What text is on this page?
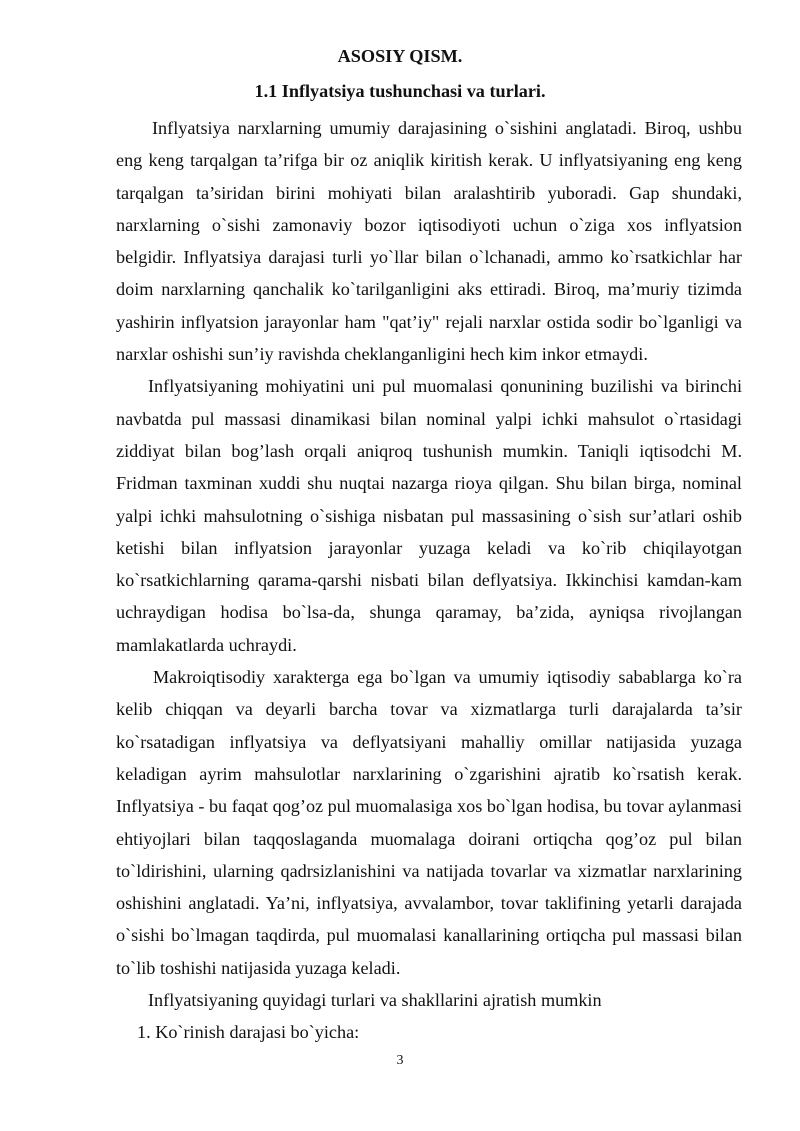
ASOSIY QISM.
1.1 Inflyatsiya tushunchasi va turlari.

Inflyatsiya narxlarning umumiy darajasining o`sishini anglatadi. Biroq, ushbu eng keng tarqalgan ta’rifga bir oz aniqlik kiritish kerak. U inflyatsiyaning eng keng tarqalgan ta’siridan birini mohiyati bilan aralashtirib yuboradi. Gap shundaki, narxlarning o`sishi zamonaviy bozor iqtisodiyoti uchun o`ziga xos inflyatsion belgidir. Inflyatsiya darajasi turli yo`llar bilan o`lchanadi, ammo ko`rsatkichlar har doim narxlarning qanchalik ko`tarilganligini aks ettiradi. Biroq, ma’muriy tizimda yashirin inflyatsion jarayonlar ham "qat’iy" rejali narxlar ostida sodir bo`lganligi va narxlar oshishi sun’iy ravishda cheklanganligini hech kim inkor etmaydi.

Inflyatsiyaning mohiyatini uni pul muomalasi qonunining buzilishi va birinchi navbatda pul massasi dinamikasi bilan nominal yalpi ichki mahsulot o`rtasidagi ziddiyat bilan bog’lash orqali aniqroq tushunish mumkin. Taniqli iqtisodchi M. Fridman taxminan xuddi shu nuqtai nazarga rioya qilgan. Shu bilan birga, nominal yalpi ichki mahsulotning o`sishiga nisbatan pul massasining o`sish sur’atlari oshib ketishi bilan inflyatsion jarayonlar yuzaga keladi va ko`rib chiqilayotgan ko`rsatkichlarning qarama-qarshi nisbati bilan deflyatsiya. Ikkinchisi kamdan-kam uchraydigan hodisa bo`lsa-da, shunga qaramay, ba’zida, ayniqsa rivojlangan mamlakatlarda uchraydi.

Makroiqtisodiy xarakterga ega bo`lgan va umumiy iqtisodiy sabablarga ko`ra kelib chiqqan va deyarli barcha tovar va xizmatlarga turli darajalarda ta’sir ko`rsatadigan inflyatsiya va deflyatsiyani mahalliy omillar natijasida yuzaga keladigan ayrim mahsulotlar narxlarining o`zgarishini ajratib ko`rsatish kerak. Inflyatsiya - bu faqat qog’oz pul muomalasiga xos bo`lgan hodisa, bu tovar aylanmasi ehtiyojlari bilan taqqoslaganda muomalaga doirani ortiqcha qog’oz pul bilan to`ldirishini, ularning qadrsizlanishini va natijada tovarlar va xizmatlar narxlarining oshishini anglatadi. Ya’ni, inflyatsiya, avvalambor, tovar taklifining yetarli darajada o`sishi bo`lmagan taqdirda, pul muomalasi kanallarining ortiqcha pul massasi bilan to`lib toshishi natijasida yuzaga keladi.

Inflyatsiyaning quyidagi turlari va shakllarini ajratish mumkin

1. Ko`rinish darajasi bo`yicha:

3
